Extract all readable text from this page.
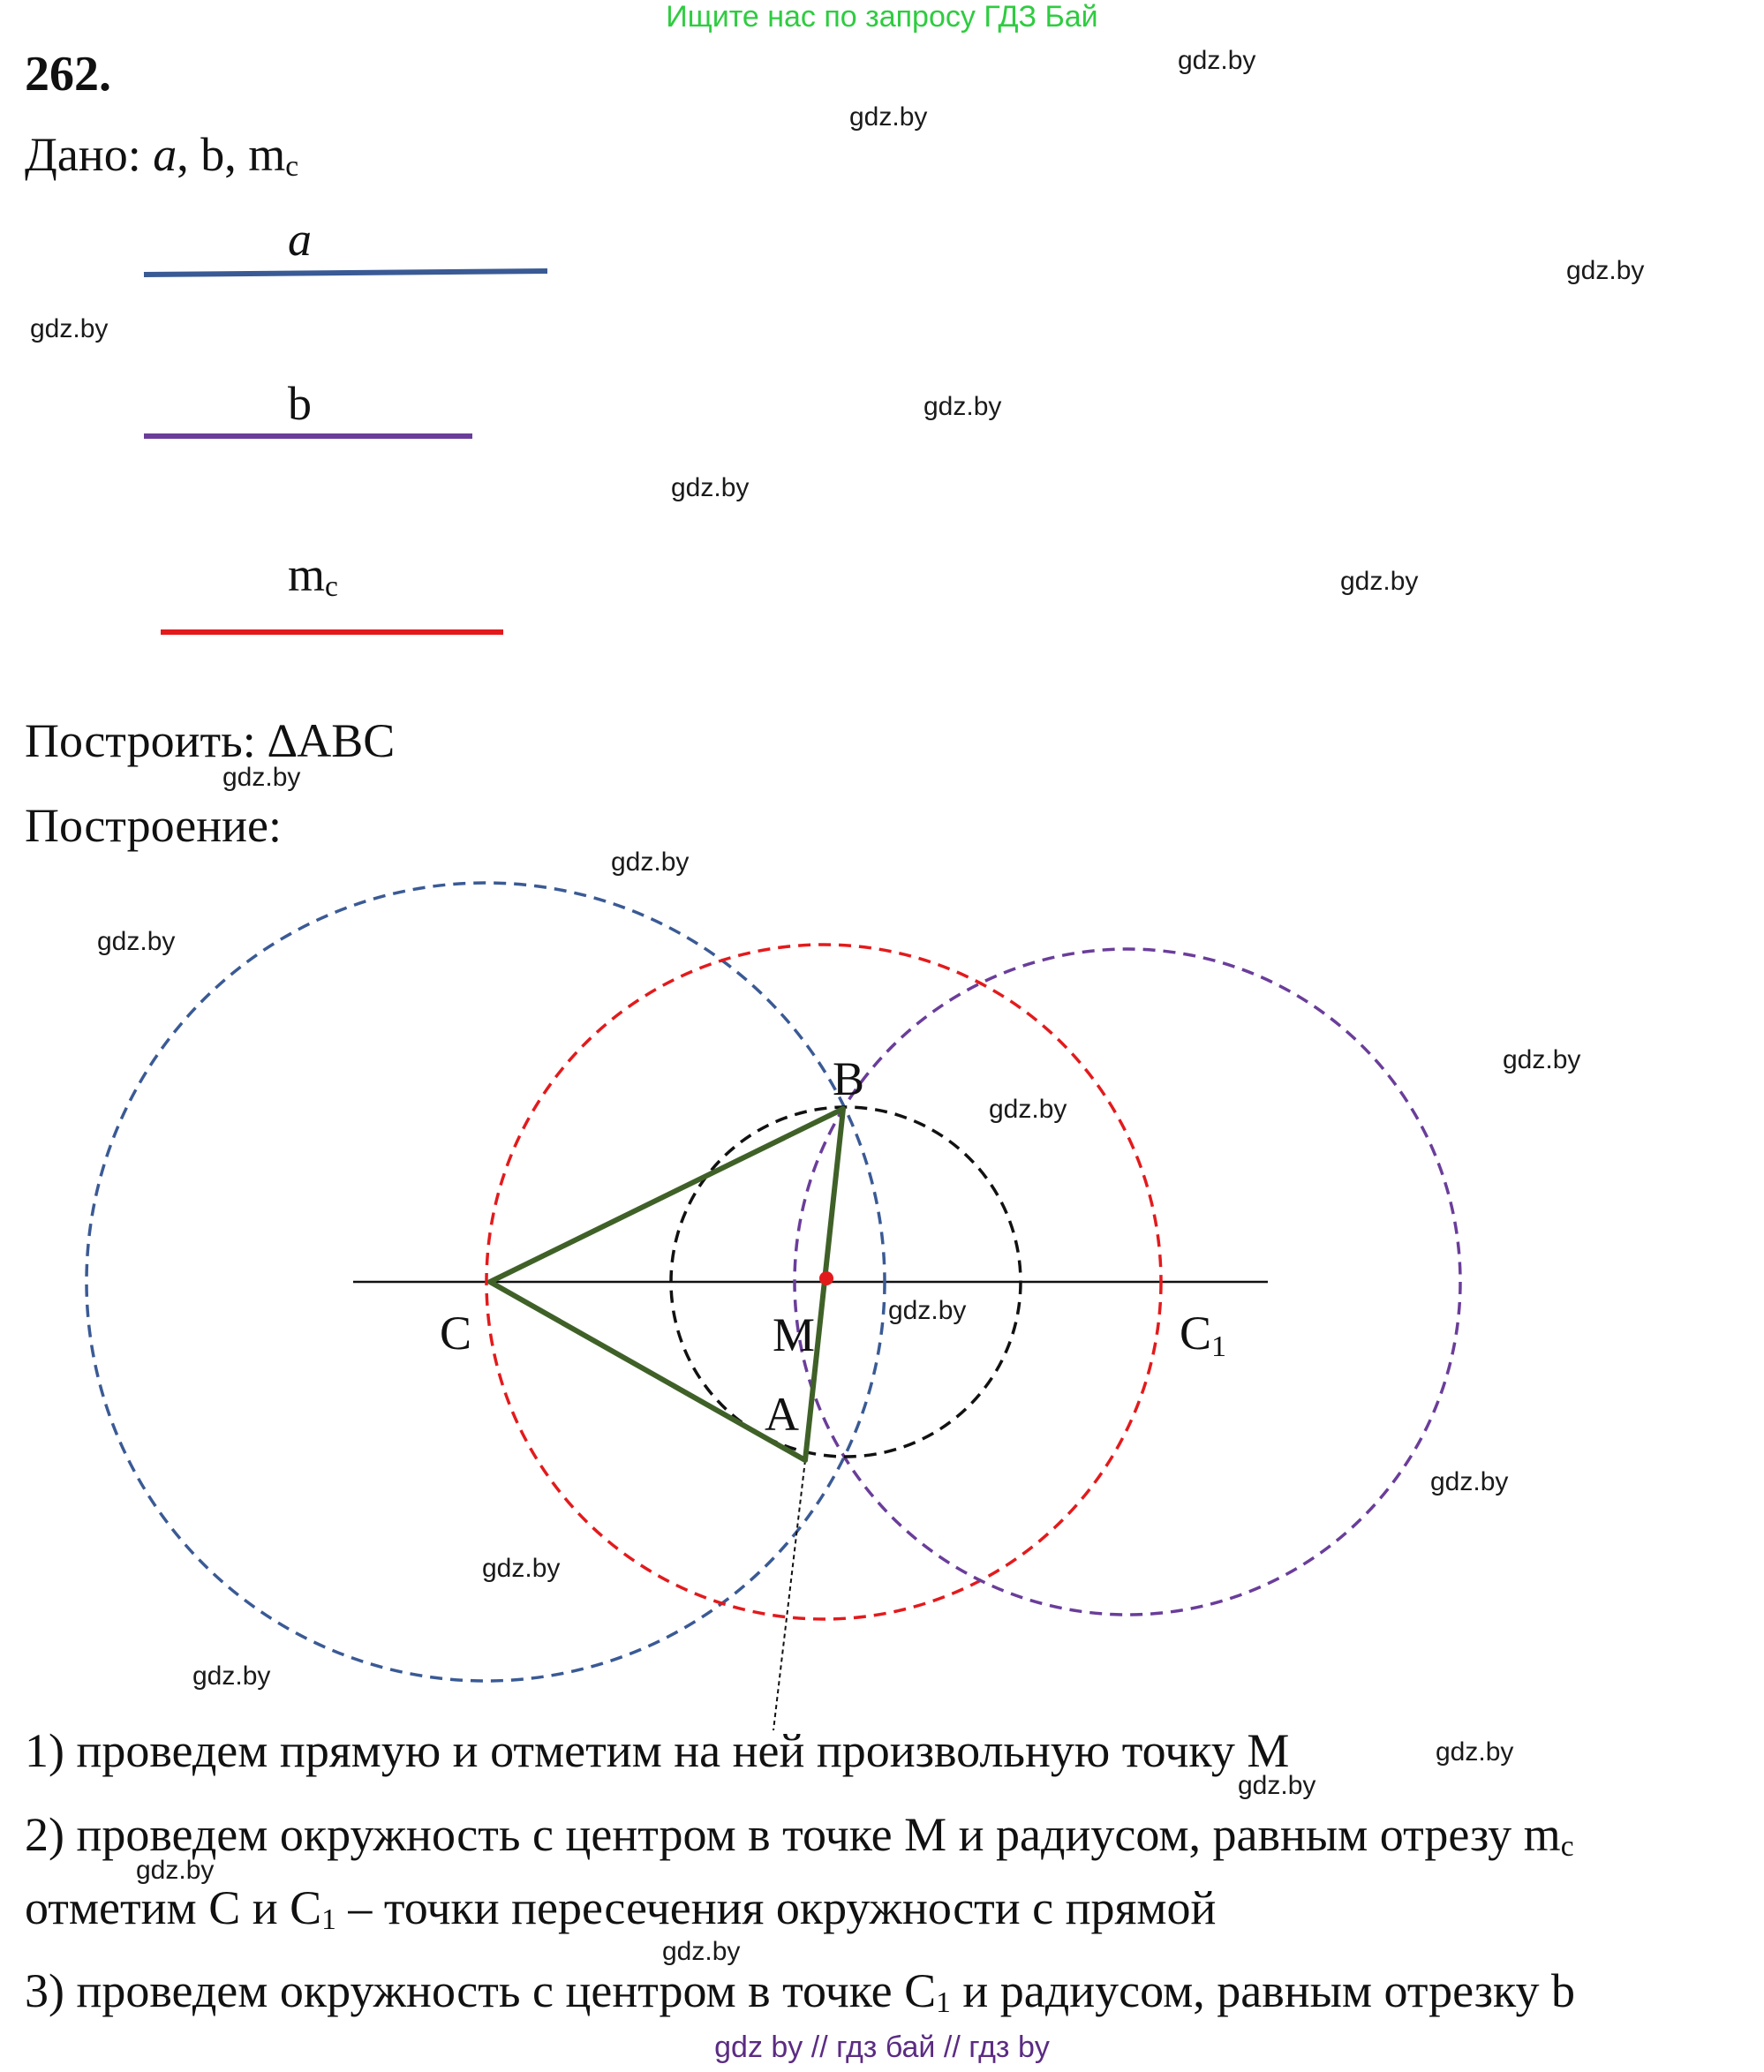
Ищите нас по запросу ГДЗ Бай
262.
Дано: a, b, mc
a
b
mc
Построить: ∆ABC
Построение:
B
C	M
A
C1
1) проведем прямую и отметим на ней произвольную точку M
2) проведем окружность с центром в точке M и радиусом, равным отрезу mc
отметим C и C1 – точки пересечения окружности с прямой
3) проведем окружность с центром в точке C1 и радиусом, равным отрезку b
gdz.by
gdz.by
gdz.by
gdz.by
gdz.by
gdz.by
gdz.by
gdz.by
gdz.by
gdz.by
gdz.by
gdz.by
gdz.by
gdz.by
gdz.by
gdz.by
gdz.by
gdz.by
gdz.by
gdz.by
gdz by // гдз бай // гдз by
